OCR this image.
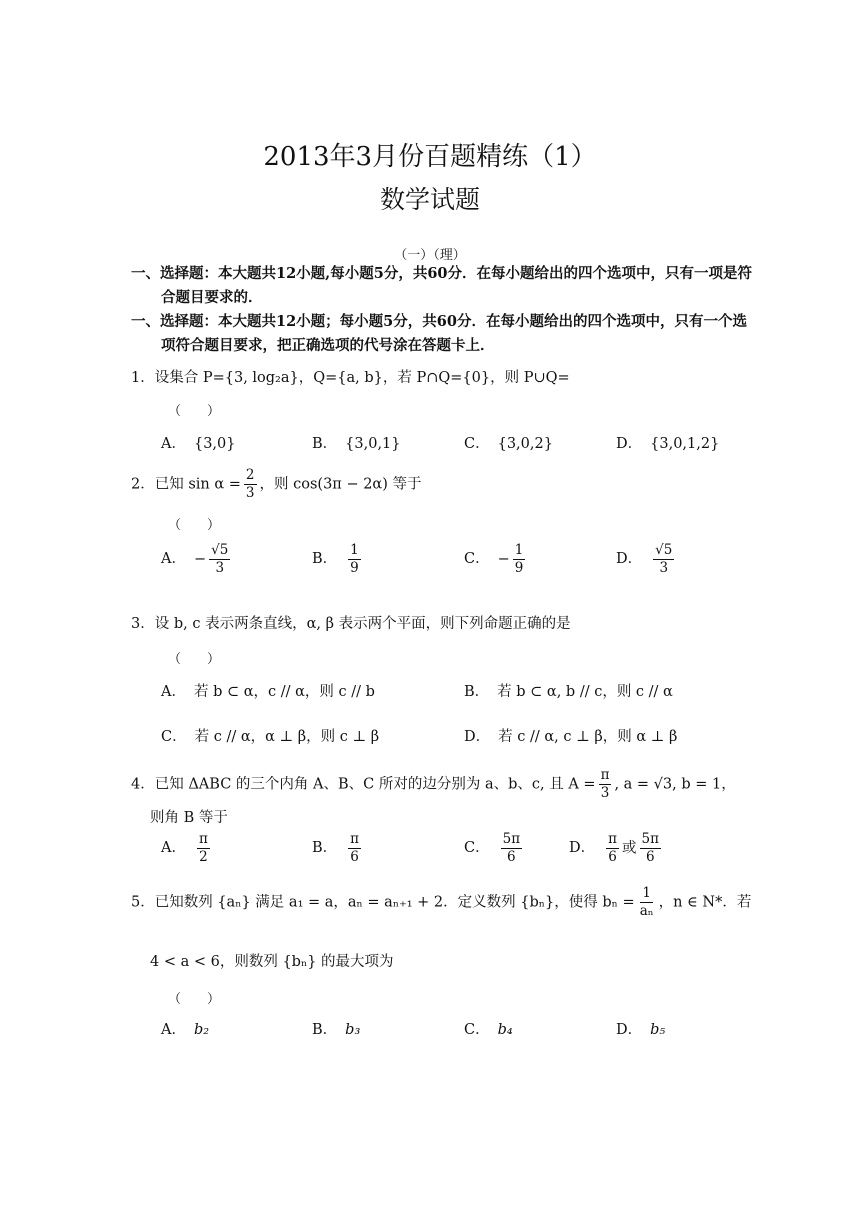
2013年3月份百题精练（1）
数学试题
（一）（理）
一、选择题：本大题共12小题,每小题5分，共60分．在每小题给出的四个选项中，只有一项是符合题目要求的．
一、选择题：本大题共12小题；每小题5分，共60分．在每小题给出的四个选项中，只有一个选项符合题目要求，把正确选项的代号涂在答题卡上．
1．设集合 P={3, log₂a}，Q={a, b}，若 P∩Q={0}，则 P∪Q=
（　　）
A． {3,0}	B． {3,0,1}	C． {3,0,2}	D． {3,0,1,2}
2．已知 $\sin \alpha = \frac{2}{3}$ ，则 cos(3π − 2α) 等于
（　　）
A． − $\frac{√5}{3}$	B． $\frac{1}{9}$	C． − $\frac{1}{9}$	D． $\frac{√5}{3}$
3．设 b, c 表示两条直线，α, β 表示两个平面，则下列命题正确的是
（　　）
A． 若 b ⊂ α，c // α，则 c // b	B． 若 b ⊂ α, b // c，则 c // α
C． 若 c // α，α ⊥ β，则 c ⊥ β	D． 若 c // α, c ⊥ β，则 α ⊥ β
4．已知 ΔABC 的三个内角 A、B、C 所对的边分别为 a、b、c, 且 $A = \frac{\pi}{3}$ , a = √3, b = 1，
则角 B 等于
A． $\frac{\pi}{2}$	B． $\frac{\pi}{6}$	C． $\frac{5\pi}{6}$	D． $\frac{\pi}{6}$ 或 $\frac{5\pi}{6}$
5．已知数列 {aₙ} 满足 a₁ = a，aₙ = aₙ₊₁ + 2．定义数列 {bₙ}，使得 $b_n = \frac{1}{\text{aₙ}}$ ，n ∈ N*．若
4 < a < 6，则数列 {bₙ} 的最大项为
（　　）
A． b₂	B． b₃	C． b₄	D． b₅
